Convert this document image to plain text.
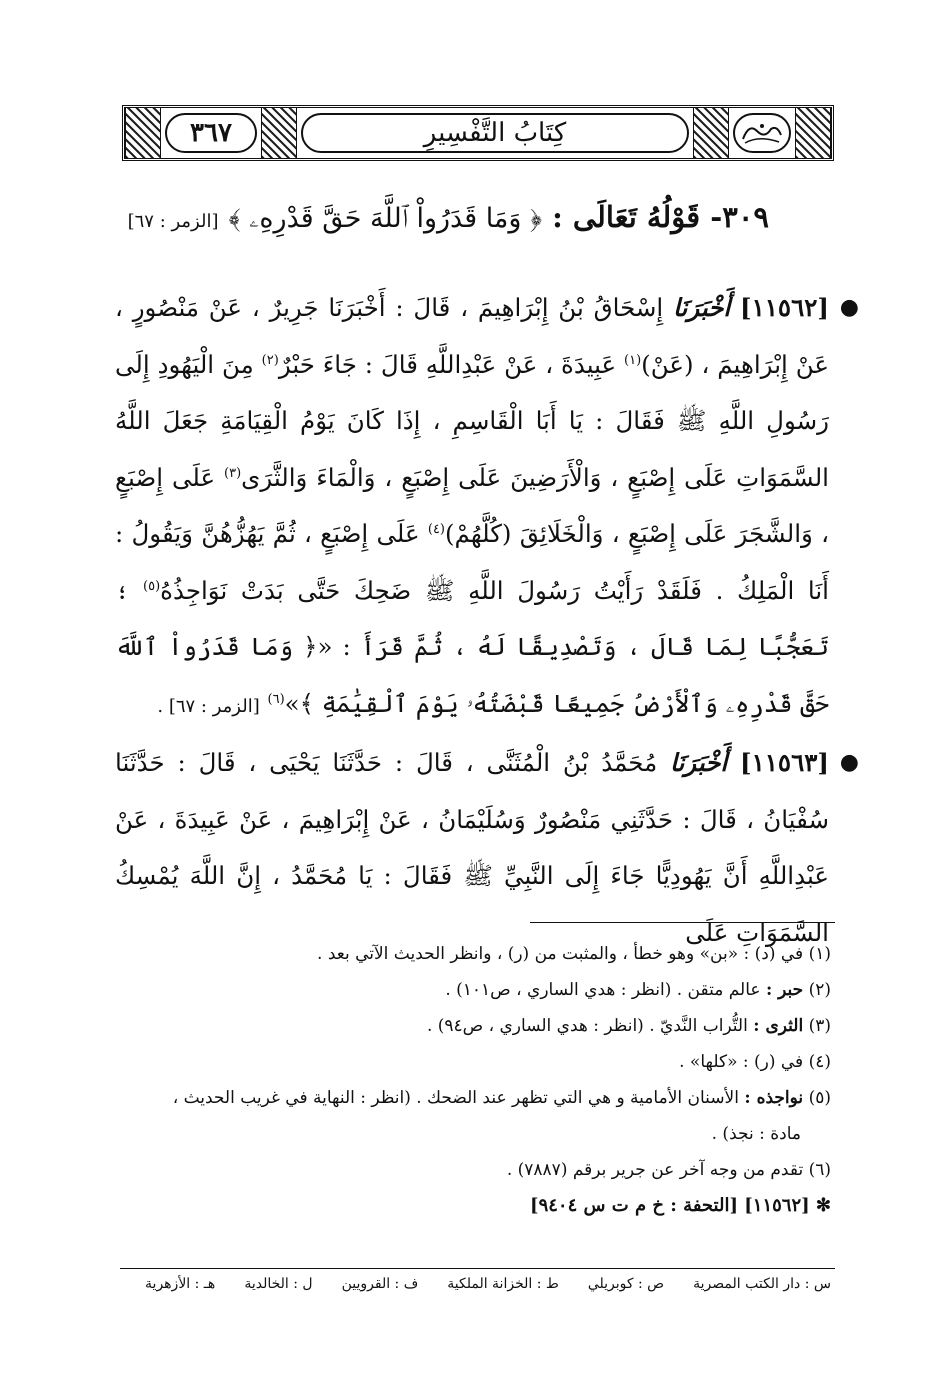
٣٦٧	كِتَابُ التَّفْسِيرِ
٣٠٩- قَوْلُهُ تَعَالَى : ﴿ وَمَا قَدَرُواْ ٱللَّهَ حَقَّ قَدْرِهِۦ ﴾ [الزمر : ٦٧]
●
[١١٥٦٢] أَخْبَرَنَا إِسْحَاقُ بْنُ إِبْرَاهِيمَ ، قَالَ : أَخْبَرَنَا جَرِيرٌ ، عَنْ مَنْصُورٍ ، عَنْ إِبْرَاهِيمَ ، (عَنْ)$^{(١)}$ عَبِيدَةَ ، عَنْ عَبْدِاللَّهِ قَالَ : جَاءَ حَبْرٌ$^{(٢)}$ مِنَ الْيَهُودِ إِلَى رَسُولِ اللَّهِ ﷺ فَقَالَ : يَا أَبَا الْقَاسِمِ ، إِذَا كَانَ يَوْمُ الْقِيَامَةِ جَعَلَ اللَّهُ السَّمَوَاتِ عَلَى إِصْبَعٍ ، وَالْأَرَضِينَ عَلَى إِصْبَعٍ ، وَالْمَاءَ وَالثَّرَى$^{(٣)}$ عَلَى إِصْبَعٍ ، وَالشَّجَرَ عَلَى إِصْبَعٍ ، وَالْخَلَائِقَ (كُلَّهُمْ)$^{(٤)}$ عَلَى إِصْبَعٍ ، ثُمَّ يَهُزُّهُنَّ وَيَقُولُ : أَنَا الْمَلِكُ . فَلَقَدْ رَأَيْتُ رَسُولَ اللَّهِ ﷺ ضَحِكَ حَتَّى بَدَتْ نَوَاجِذُهُ$^{(٥)}$ ؛ تَعَجُّبًا لِمَا قَالَ ، وَتَصْدِيقًا لَهُ ، ثُمَّ قَرَأَ : «﴿ وَمَا قَدَرُواْ ٱللَّهَ حَقَّ قَدْرِهِۦ وَٱلْأَرْضُ جَمِيعًا قَبْضَتُهُۥ يَوْمَ ٱلْقِيَٰمَةِ ﴾»$^{(٦)}$ [الزمر : ٦٧] .
●
[١١٥٦٣] أَخْبَرَنَا مُحَمَّدُ بْنُ الْمُثَنَّى ، قَالَ : حَدَّثَنَا يَحْيَى ، قَالَ : حَدَّثَنَا سُفْيَانُ ، قَالَ : حَدَّثَنِي مَنْصُورٌ وَسُلَيْمَانُ ، عَنْ إِبْرَاهِيمَ ، عَنْ عَبِيدَةَ ، عَنْ عَبْدِاللَّهِ أَنَّ يَهُودِيًّا جَاءَ إِلَى النَّبِيِّ ﷺ فَقَالَ : يَا مُحَمَّدُ ، إِنَّ اللَّهَ يُمْسِكُ السَّمَوَاتِ عَلَى
(١) في (د) : «بن» وهو خطأ ، والمثبت من (ر) ، وانظر الحديث الآتي بعد .
(٢) حبر : عالم متقن . (انظر : هدي الساري ، ص١٠١) .
(٣) الثرى : التُّراب النَّديّ . (انظر : هدي الساري ، ص٩٤) .
(٤) في (ر) : «كلها» .
(٥) نواجذه : الأسنان الأمامية و هي التي تظهر عند الضحك . (انظر : النهاية في غريب الحديث ،
مادة : نجذ) .
(٦) تقدم من وجه آخر عن جرير برقم (٧٨٨٧) .
✻ [١١٥٦٢] [التحفة : خ م ت س ٩٤٠٤]
س : دار الكتب المصرية
ص : كوبريلي
ط : الخزانة الملكية
ف : القرويين
ل : الخالدية
هـ : الأزهرية
